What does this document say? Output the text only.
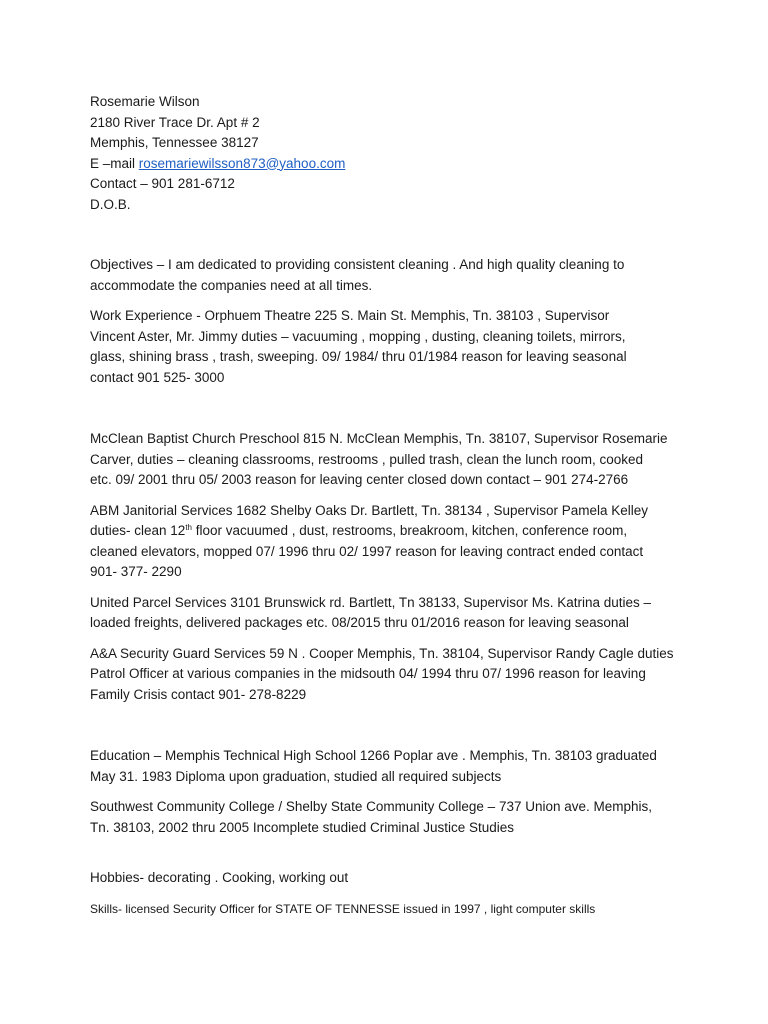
Rosemarie Wilson
2180 River Trace Dr. Apt # 2
Memphis, Tennessee 38127
E –mail rosemariewilsson873@yahoo.com
Contact – 901 281-6712
D.O.B.
Objectives – I am dedicated to providing consistent cleaning . And high quality cleaning to
accommodate the companies need at all times.
Work Experience - Orphuem Theatre 225 S. Main St. Memphis, Tn. 38103 , Supervisor
Vincent Aster, Mr. Jimmy duties – vacuuming , mopping , dusting, cleaning toilets, mirrors,
glass, shining brass , trash, sweeping. 09/ 1984/ thru 01/1984 reason for leaving seasonal
contact 901 525- 3000
McClean Baptist Church Preschool 815 N. McClean Memphis, Tn. 38107, Supervisor Rosemarie
Carver, duties – cleaning classrooms, restrooms , pulled trash, clean the lunch room, cooked
etc. 09/ 2001 thru 05/ 2003 reason for leaving center closed down contact – 901 274-2766
ABM Janitorial Services 1682 Shelby Oaks Dr. Bartlett, Tn. 38134 , Supervisor Pamela Kelley
duties- clean 12th floor vacuumed , dust, restrooms, breakroom, kitchen, conference room,
cleaned elevators, mopped 07/ 1996 thru 02/ 1997 reason for leaving contract ended contact
901- 377- 2290
United Parcel Services 3101 Brunswick rd. Bartlett, Tn 38133, Supervisor Ms. Katrina duties –
loaded freights, delivered packages etc. 08/2015 thru 01/2016 reason for leaving seasonal
A&A Security Guard Services 59 N . Cooper Memphis, Tn. 38104, Supervisor Randy Cagle duties
Patrol Officer at various companies in the midsouth 04/ 1994 thru 07/ 1996 reason for leaving
Family Crisis contact 901- 278-8229
Education – Memphis Technical High School 1266 Poplar ave . Memphis, Tn. 38103 graduated
May 31. 1983 Diploma upon graduation, studied all required subjects
Southwest Community College / Shelby State Community College – 737 Union ave. Memphis,
Tn. 38103, 2002 thru 2005 Incomplete studied Criminal Justice Studies
Hobbies- decorating . Cooking, working out
Skills- licensed Security Officer for STATE OF TENNESSE issued in 1997 , light computer skills
